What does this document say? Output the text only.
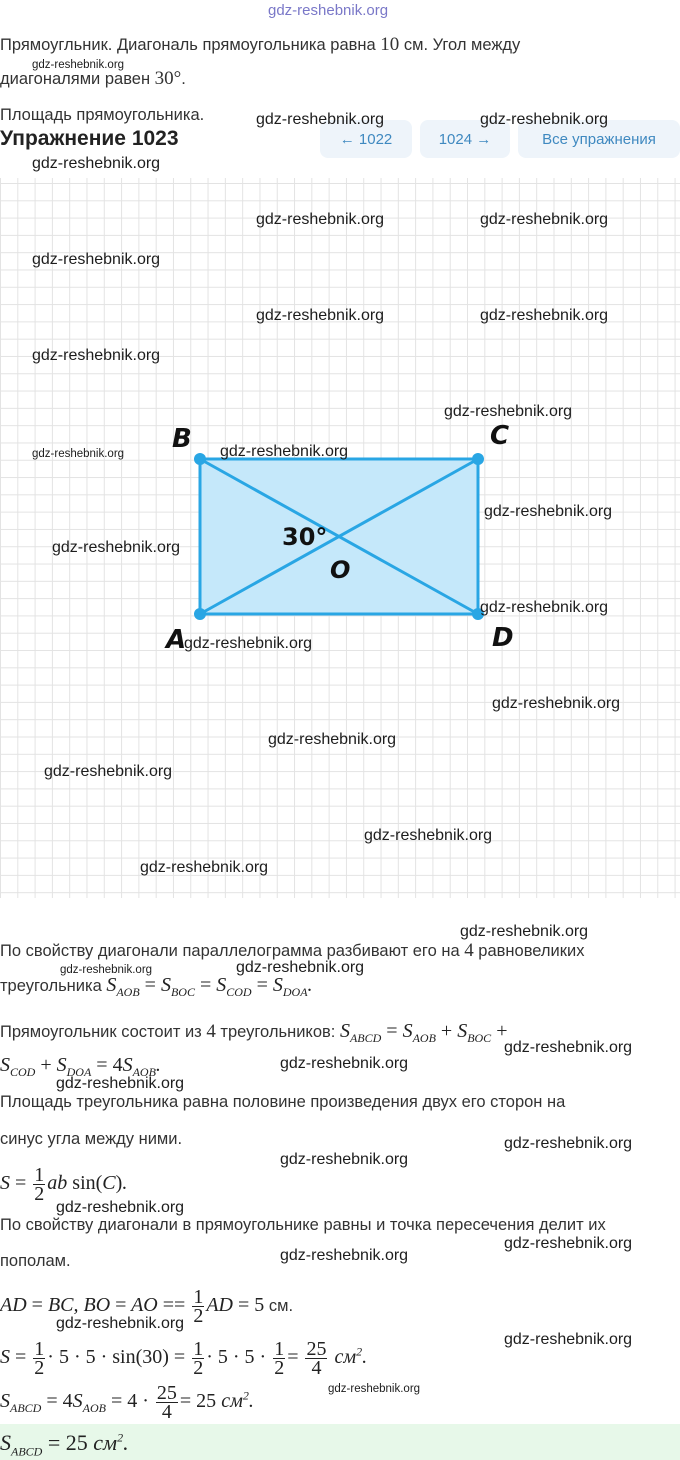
gdz-reshebnik.org
Прямоугльник. Диагональ прямоугольника равна 10 см. Угол между
диагоналями равен 30°.
Площадь прямоугольника.
Упражнение 1023	← 1022	1024 →	Все упражнения
B	C
A	D
O
30°
По свойству диагонали параллелограмма разбивают его на 4 равновеликих
треугольника $S_{AOB} = S_{BOC} = S_{COD} = S_{DOA}$.
Прямоугольник состоит из 4 треугольников: $S_{ABCD} = S_{AOB} + S_{BOC}$ +
$S_{COD} + S_{DOA} = 4S_{AOB}$.
Площадь треугольника равна половине произведения двух его сторон на
синус угла между ними.
$S = \frac{1}{2}$ ab sin(C).
По свойству диагонали в прямоугольнике равны и точка пересечения делит их
пополам.
AD = BC, BO = AO == $\frac{1}{2}$ AD = 5 см.
$S = \frac{1}{2} \cdot 5 \cdot 5 \cdot \sin(30) = \frac{1}{2} \cdot 5 \cdot 5 \cdot \frac{1}{2} = \frac{25}{4} см^2$.
$S_{ABCD} = 4S_{AOB} = 4 \cdot \frac{25}{4} = 25$ $см^2$.
$S_{ABCD} = 25$ $см^2$.
gdz-reshebnik.org
gdz-reshebnik.org	gdz-reshebnik.org
gdz-reshebnik.org
gdz-reshebnik.org	gdz-reshebnik.org
gdz-reshebnik.org
gdz-reshebnik.org	gdz-reshebnik.org
gdz-reshebnik.org
gdz-reshebnik.org
gdz-reshebnik.org	gdz-reshebnik.org
gdz-reshebnik.org
gdz-reshebnik.org
gdz-reshebnik.org
gdz-reshebnik.org
gdz-reshebnik.org
gdz-reshebnik.org
gdz-reshebnik.org
gdz-reshebnik.org
gdz-reshebnik.org
gdz-reshebnik.org
gdz-reshebnik.org	gdz-reshebnik.org
gdz-reshebnik.org
gdz-reshebnik.org
gdz-reshebnik.org
gdz-reshebnik.org
gdz-reshebnik.org
gdz-reshebnik.org
gdz-reshebnik.org
gdz-reshebnik.org
gdz-reshebnik.org
gdz-reshebnik.org
gdz-reshebnik.org
